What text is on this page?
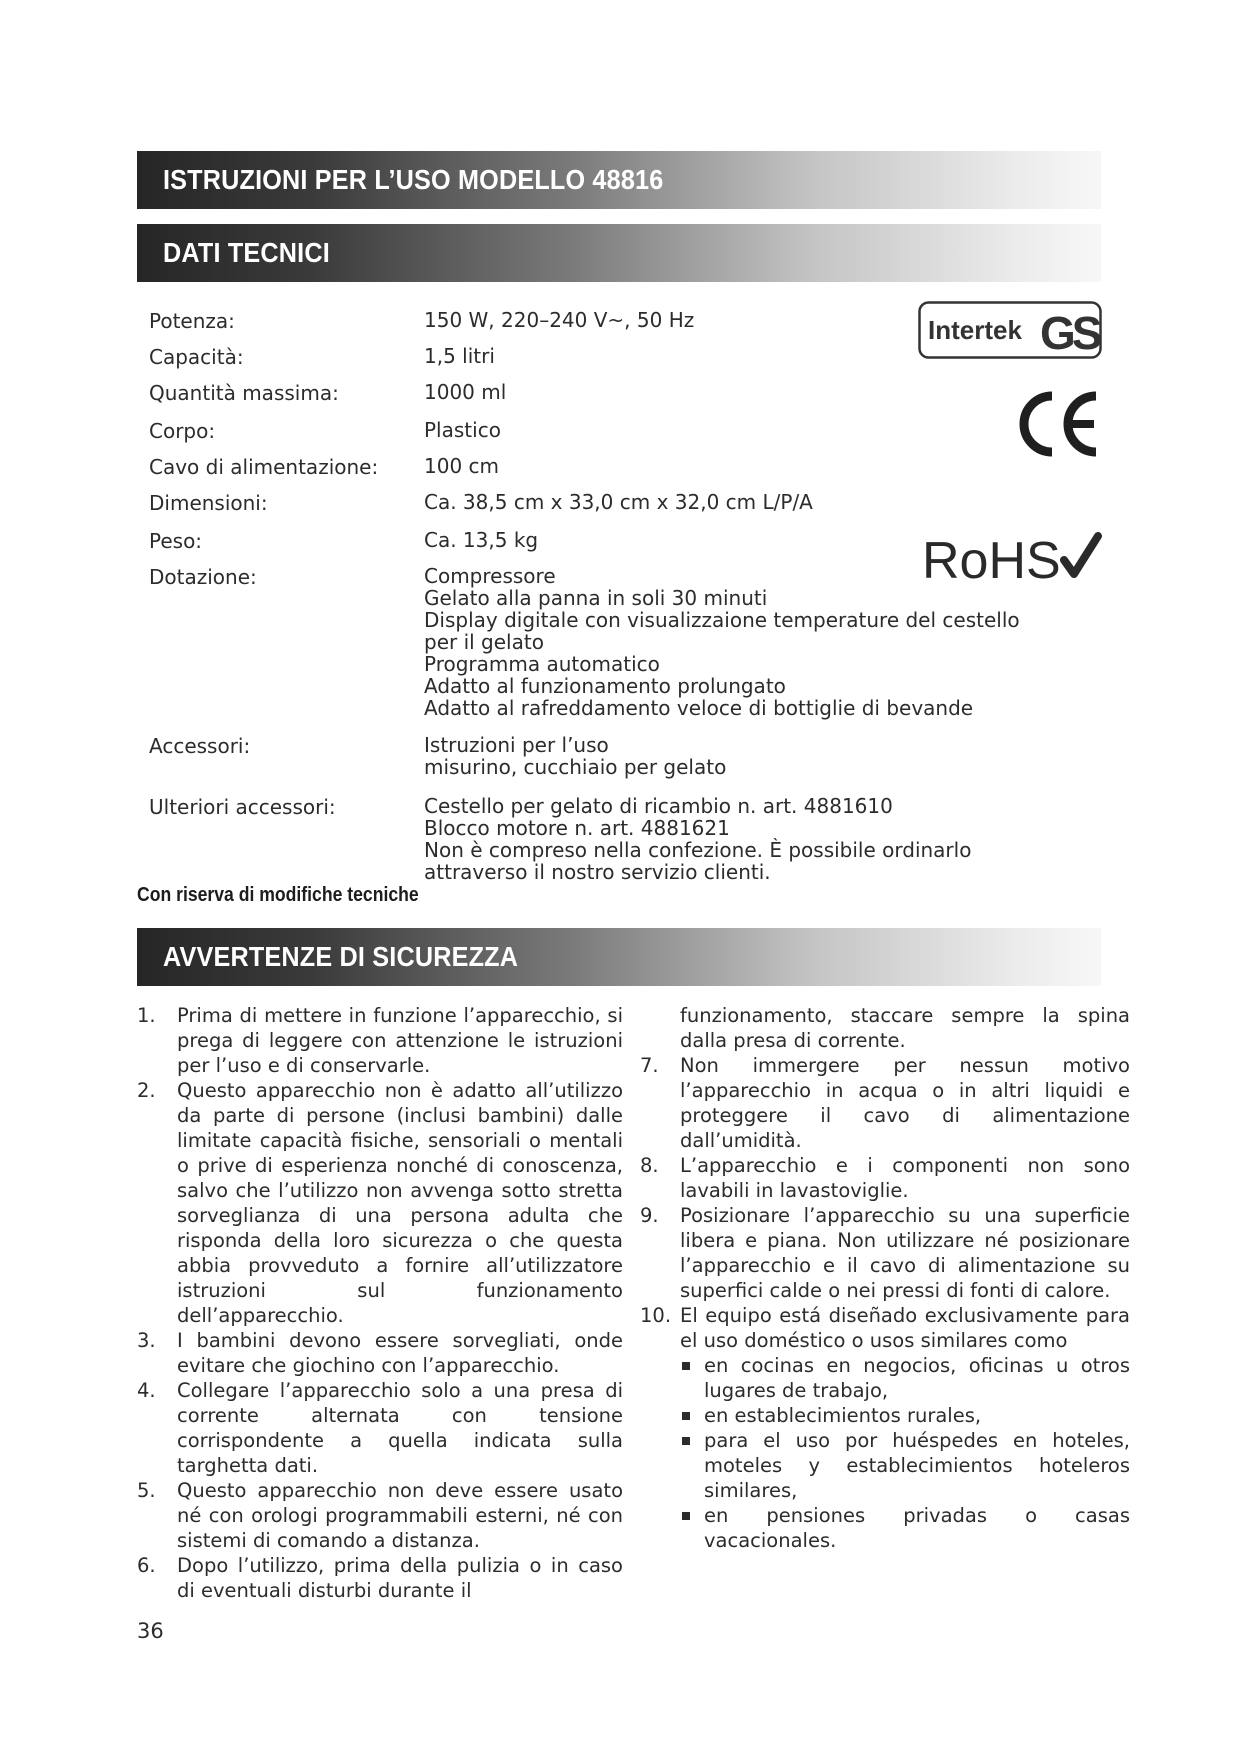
ISTRUZIONI PER L’USO MODELLO 48816
DATI TECNICI
Potenza:	150 W, 220–240 V~, 50 Hz
Capacità:	1,5 litri
Quantità massima:	1000 ml
Corpo:	Plastico
Cavo di alimentazione: 100 cm
Dimensioni:	Ca. 38,5 cm x 33,0 cm x 32,0 cm L/P/A
Peso:	Ca. 13,5 kg
Dotazione:	Compressore
Gelato alla panna in soli 30 minuti
Display digitale con visualizzaione temperature del cestello
per il gelato
Programma automatico
Adatto al funzionamento prolungato
Adatto al rafreddamento veloce di bottiglie di bevande
Accessori:	Istruzioni per l’uso
misurino, cucchiaio per gelato
Ulteriori accessori:	Cestello per gelato di ricambio n. art. 4881610
Blocco motore n. art. 4881621
Non è compreso nella confezione. È possibile ordinarlo
attraverso il nostro servizio clienti.
Con riserva di modifiche tecniche
Intertek GS
RoHS
AVVERTENZE DI SICUREZZA
1. Prima di mettere in funzione l’apparecchio, si prega di leggere con attenzione le istruzioni per l’uso e di conservarle.
2. Questo apparecchio non è adatto all’utilizzo da parte di persone (inclusi bambini) dalle limitate capacità fisiche, sensoriali o mentali o prive di esperienza nonché di conoscenza, salvo che l’utilizzo non avvenga sotto stretta sorveglianza di una persona adulta che risponda della loro sicurezza o che questa abbia provveduto a fornire all’utilizzatore istruzioni sul funzionamento dell’apparecchio.
3. I bambini devono essere sorvegliati, onde evitare che giochino con l’apparecchio.
4. Collegare l’apparecchio solo a una presa di corrente alternata con tensione corrispondente a quella indicata sulla targhetta dati.
5. Questo apparecchio non deve essere usato né con orologi programmabili esterni, né con sistemi di comando a distanza.
6. Dopo l’utilizzo, prima della pulizia o in caso di eventuali disturbi durante il
funzionamento, staccare sempre la spina dalla presa di corrente.
7. Non immergere per nessun motivo l’apparecchio in acqua o in altri liquidi e proteggere il cavo di alimentazione dall’umidità.
8. L’apparecchio e i componenti non sono lavabili in lavastoviglie.
9. Posizionare l’apparecchio su una superficie libera e piana. Non utilizzare né posizionare l’apparecchio e il cavo di alimentazione su superfici calde o nei pressi di fonti di calore.
10. El equipo está diseñado exclusivamente para el uso doméstico o usos similares como
en cocinas en negocios, oficinas u otros lugares de trabajo,
en establecimientos rurales,
para el uso por huéspedes en hoteles, moteles y establecimientos hoteleros similares,
en pensiones privadas o casas vacacionales.
36
